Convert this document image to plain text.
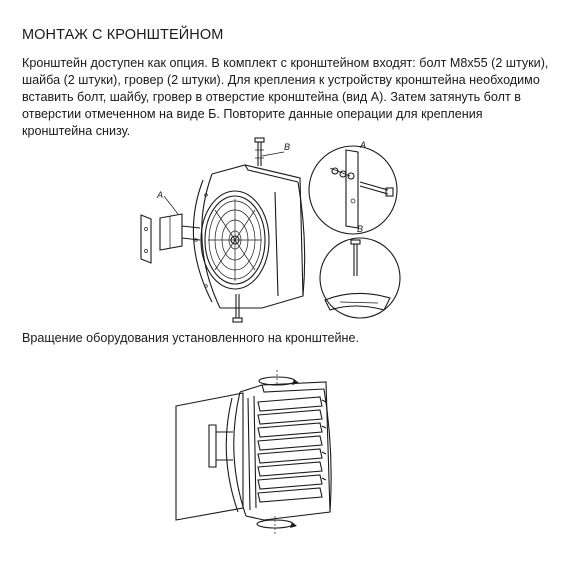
МОНТАЖ С КРОНШТЕЙНОМ

Кронштейн доступен как опция. В комплект с кронштейном входят: болт М8х55 (2 штуки), шайба (2 штуки), гровер (2 штуки). Для крепления к устройству кронштейна необходимо вставить болт, шайбу, гровер в отверстие кронштейна (вид А). Затем затянуть болт в отверстии отмеченном на виде Б. Повторите данные операции для крепления кронштейна снизу.

A
B	A
B

Вращение оборудования установленного на кронштейне.
